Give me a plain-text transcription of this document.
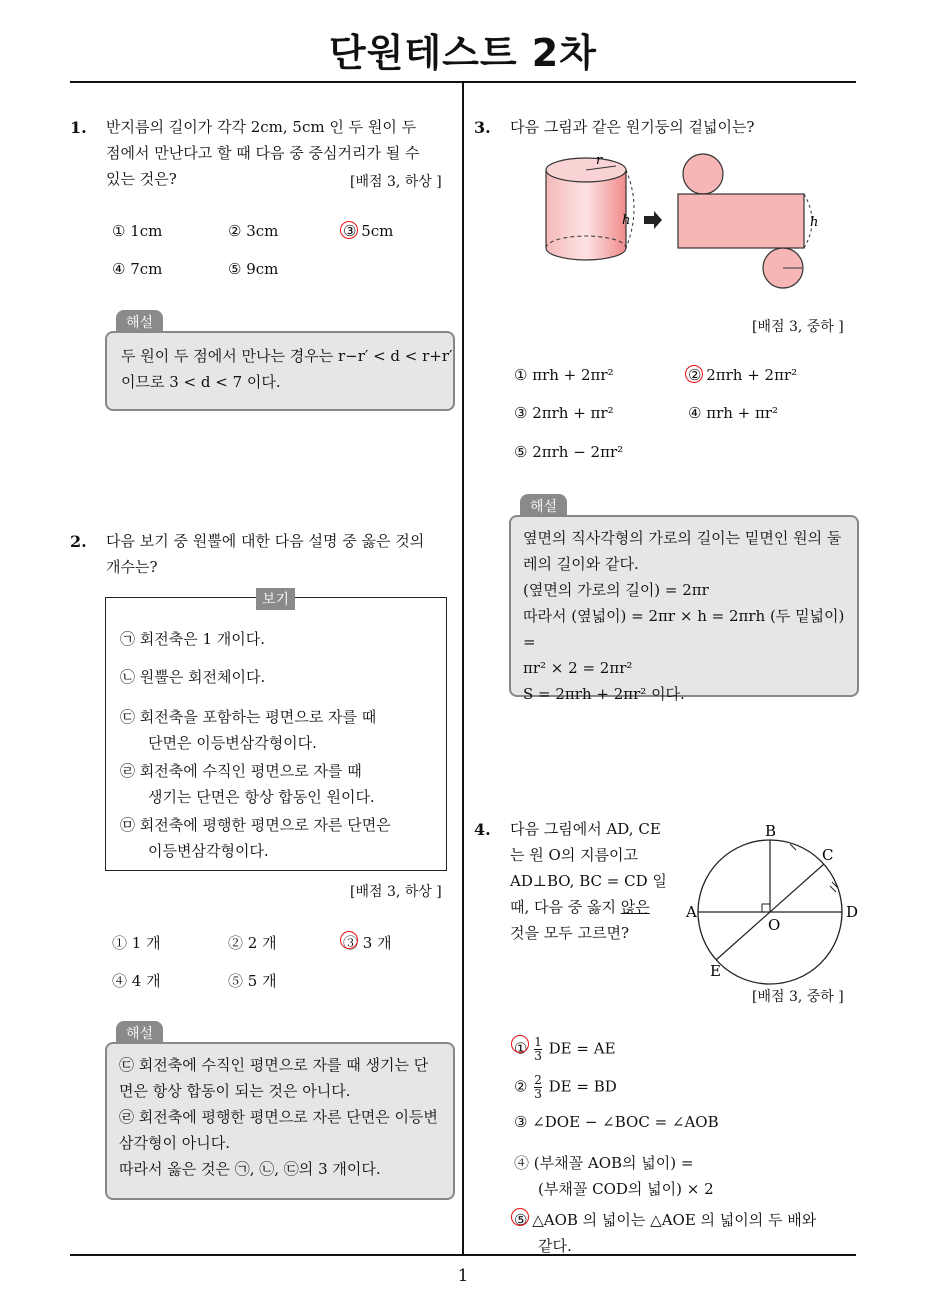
단원테스트 2차
1
1. 반지름의 길이가 각각 2cm, 5cm 인 두 원이 두
점에서 만난다고 할 때 다음 중 중심거리가 될 수
있는 것은?	[배점 3, 하상 ]
① 1cm	② 3cm	③ 5cm
④ 7cm	⑤ 9cm
해설
두 원이 두 점에서 만나는 경우는 r−r′ < d < r+r′
이므로 3 < d < 7 이다.
2. 다음 보기 중 원뿔에 대한 다음 설명 중 옳은 것의
개수는?
보기
㉠ 회전축은 1 개이다.
㉡ 원뿔은 회전체이다.
㉢ 회전축을 포함하는 평면으로 자를 때
단면은 이등변삼각형이다.
㉣ 회전축에 수직인 평면으로 자를 때
생기는 단면은 항상 합동인 원이다.
㉤ 회전축에 평행한 평면으로 자른 단면은
이등변삼각형이다.
[배점 3, 하상 ]
① 1 개	② 2 개	③ 3 개
④ 4 개	⑤ 5 개
해설
㉢ 회전축에 수직인 평면으로 자를 때 생기는 단
면은 항상 합동이 되는 것은 아니다.
㉣ 회전축에 평행한 평면으로 자른 단면은 이등변
삼각형이 아니다.
따라서 옳은 것은 ㉠, ㉡, ㉢의 3 개이다.
3. 다음 그림과 같은 원기둥의 겉넓이는?
r
h	h
[배점 3, 중하 ]
① πrh + 2πr²	② 2πrh + 2πr²
③ 2πrh + πr²	④ πrh + πr²
⑤ 2πrh − 2πr²
해설
옆면의 직사각형의 가로의 길이는 밑면인 원의 둘
레의 길이와 같다.
(옆면의 가로의 길이) = 2πr
따라서 (옆넓이) = 2πr × h = 2πrh (두 밑넓이) =
πr² × 2 = 2πr²
S = 2πrh + 2πr² 이다.
4. 다음 그림에서 AD, CE
는 원 O의 지름이고
AD⊥BO, BC = CD 일
때, 다음 중 옳지 않은
것을 모두 고르면?
B
C
D
A
E
O
[배점 3, 중하 ]
① $\frac{1}{3}$ DE = AE
② $\frac{2}{3}$ DE = BD
③ ∠DOE − ∠BOC = ∠AOB
④ (부채꼴 AOB의 넓이) =
(부채꼴 COD의 넓이) × 2
⑤ △AOB 의 넓이는 △AOE 의 넓이의 두 배와
같다.
